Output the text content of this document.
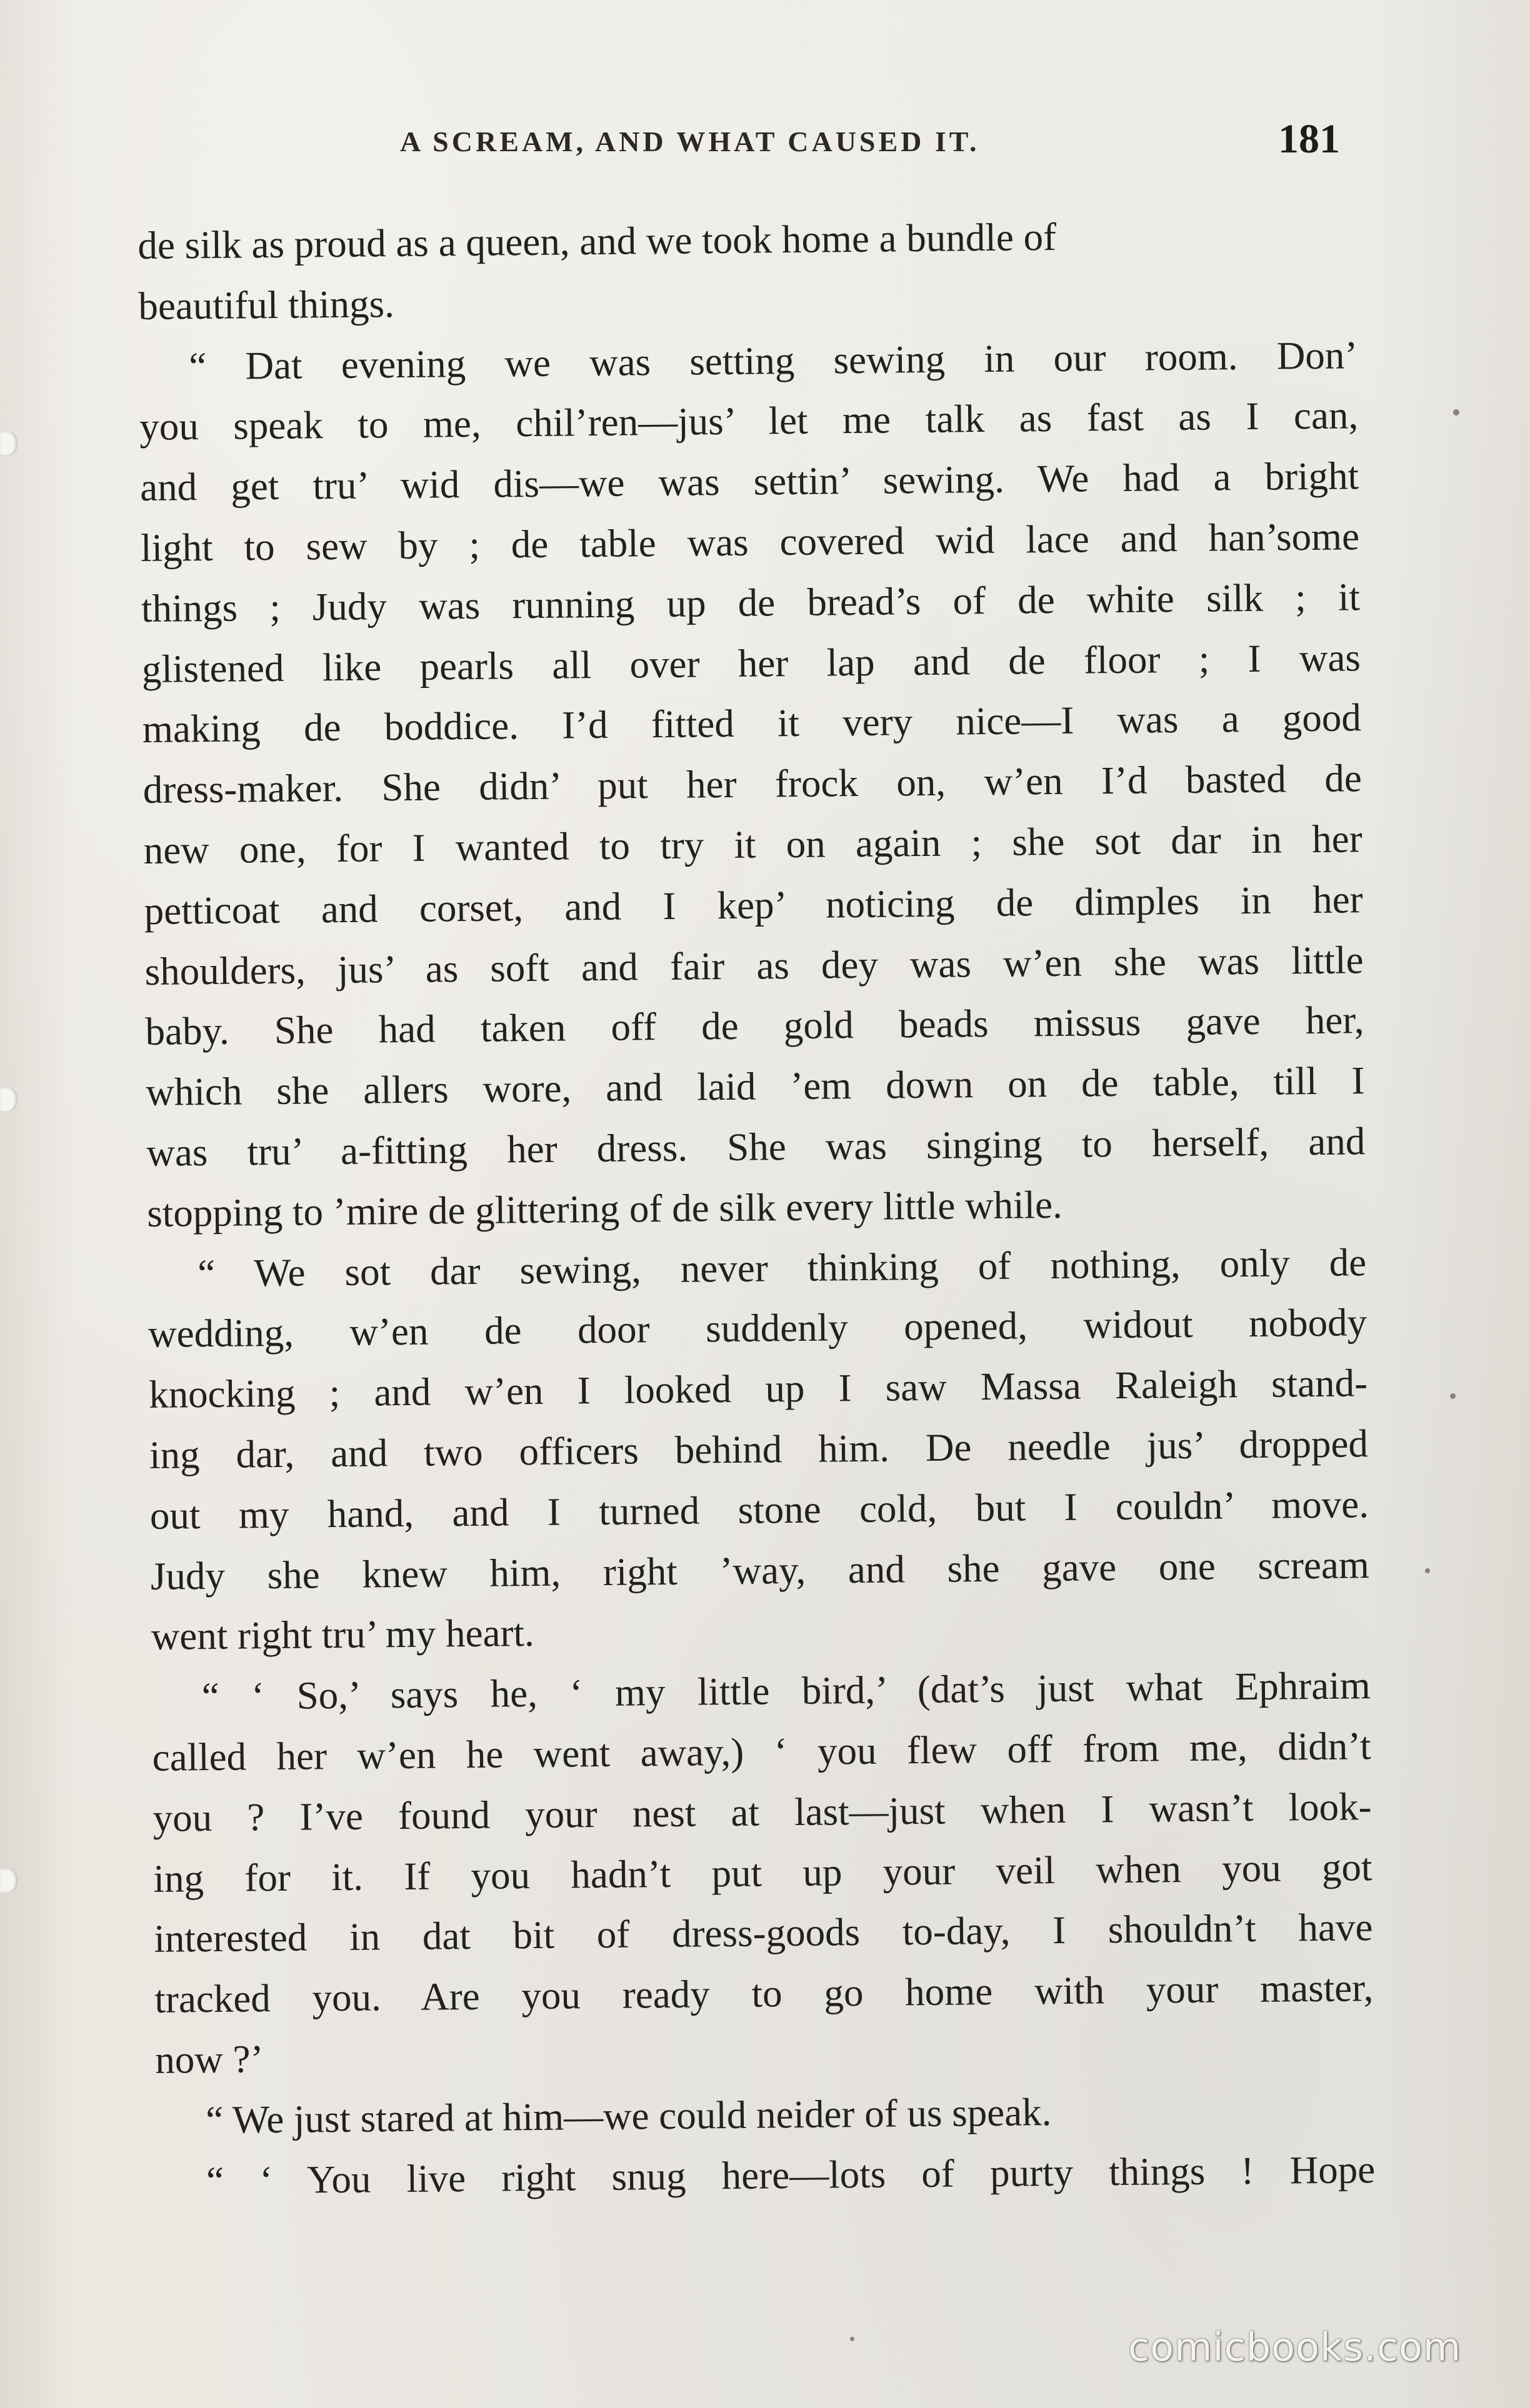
A SCREAM, AND WHAT CAUSED IT.	181
de silk as proud as a queen, and we took home a bundle of
beautiful things.
“ Dat evening we was setting sewing in our room. Don’
you speak to me, chil’ren—jus’ let me talk as fast as I can,
and get tru’ wid dis—we was settin’ sewing. We had a bright
light to sew by ; de table was covered wid lace and han’some
things ; Judy was running up de bread’s of de white silk ; it
glistened like pearls all over her lap and de floor ; I was
making de boddice. I’d fitted it very nice—I was a good
dress-maker. She didn’ put her frock on, w’en I’d basted de
new one, for I wanted to try it on again ; she sot dar in her
petticoat and corset, and I kep’ noticing de dimples in her
shoulders, jus’ as soft and fair as dey was w’en she was little
baby. She had taken off de gold beads missus gave her,
which she allers wore, and laid ’em down on de table, till I
was tru’ a-fitting her dress. She was singing to herself, and
stopping to ’mire de glittering of de silk every little while.
“ We sot dar sewing, never thinking of nothing, only de
wedding, w’en de door suddenly opened, widout nobody
knocking ; and w’en I looked up I saw Massa Raleigh stand-
ing dar, and two officers behind him. De needle jus’ dropped
out my hand, and I turned stone cold, but I couldn’ move.
Judy she knew him, right ’way, and she gave one scream
went right tru’ my heart.
“ ‘ So,’ says he, ‘ my little bird,’ (dat’s just what Ephraim
called her w’en he went away,) ‘ you flew off from me, didn’t
you ? I’ve found your nest at last—just when I wasn’t look-
ing for it. If you hadn’t put up your veil when you got
interested in dat bit of dress-goods to-day, I shouldn’t have
tracked you. Are you ready to go home with your master,
now ?’
“ We just stared at him—we could neider of us speak.
“ ‘ You live right snug here—lots of purty things ! Hope
comicbooks.com
